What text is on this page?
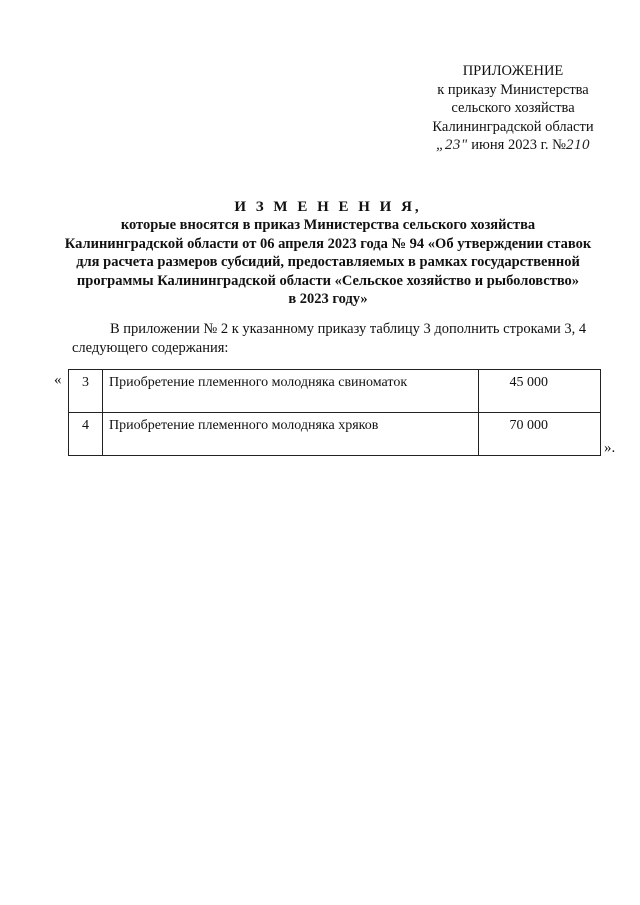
ПРИЛОЖЕНИЕ
к приказу Министерства
сельского хозяйства
Калининградской области
„23" июня 2023 г. №210
И З М Е Н Е Н И Я,
которые вносятся в приказ Министерства сельского хозяйства
Калининградской области от 06 апреля 2023 года № 94 «Об утверждении ставок
для расчета размеров субсидий, предоставляемых в рамках государственной
программы Калининградской области «Сельское хозяйство и рыболовство»
в 2023 году»
В приложении № 2 к указанному приказу таблицу 3 дополнить строками 3, 4
следующего содержания:
« 3	Приобретение племенного молодняка свиноматок	45 000
4	Приобретение племенного молодняка хряков	70 000
».
